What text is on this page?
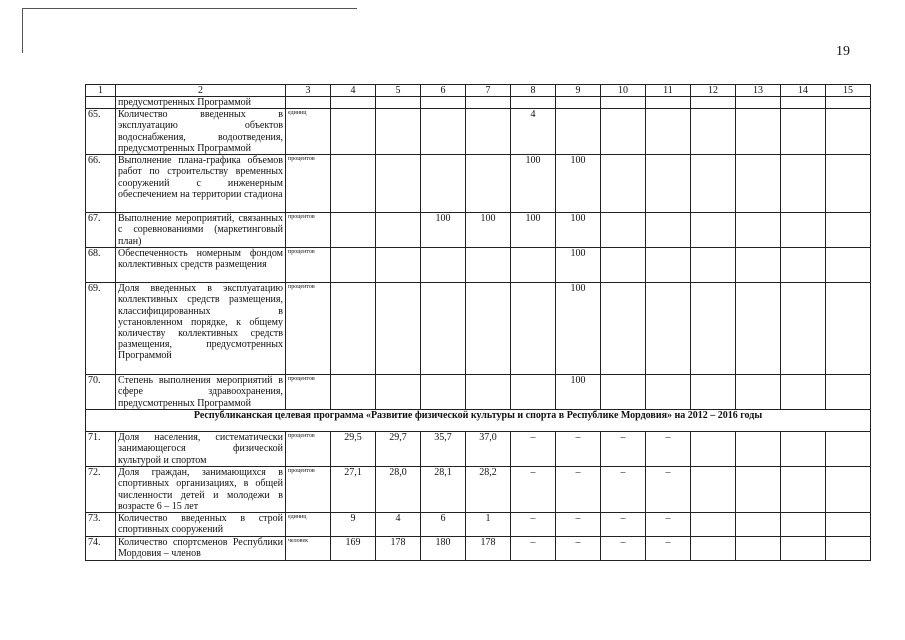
19
1	2	3	4	5	6	7	8	9	10	11	12	13	14	15
	предусмотренных Программой													
65.	Количество введенных в эксплуатацию объектов водоснабжения, водоотведения, предусмотренных Программой	единиц					4							
66.	Выполнение плана-графика объемов работ по строительству временных сооружений с инженерным обеспечением на территории стадиона	процентов					100	100						
67.	Выполнение мероприятий, связанных с соревнованиями (маркетинговый план)	процентов			100	100	100	100						
68.	Обеспеченность номерным фондом коллективных средств размещения	процентов						100						
69.	Доля введенных в эксплуатацию коллективных средств размещения, классифицированных в установленном порядке, к общему количеству коллективных средств размещения, предусмотренных Программой	процентов						100						
70.	Степень выполнения мероприятий в сфере здравоохранения, предусмотренных Программой	процентов						100						
Республиканская целевая программа «Развитие физической культуры и спорта в Республике Мордовия» на 2012 – 2016 годы														
71.	Доля населения, систематически занимающегося физической культурой и спортом	процентов	29,5	29,7	35,7	37,0	–	–	–	–				
72.	Доля граждан, занимающихся в спортивных организациях, в общей численности детей и молодежи в возрасте 6 – 15 лет	процентов	27,1	28,0	28,1	28,2	–	–	–	–				
73.	Количество введенных в строй спортивных сооружений	единиц	9	4	6	1	–	–	–	–				
74.	Количество спортсменов Республики Мордовия – членов	человек	169	178	180	178	–	–	–	–				
